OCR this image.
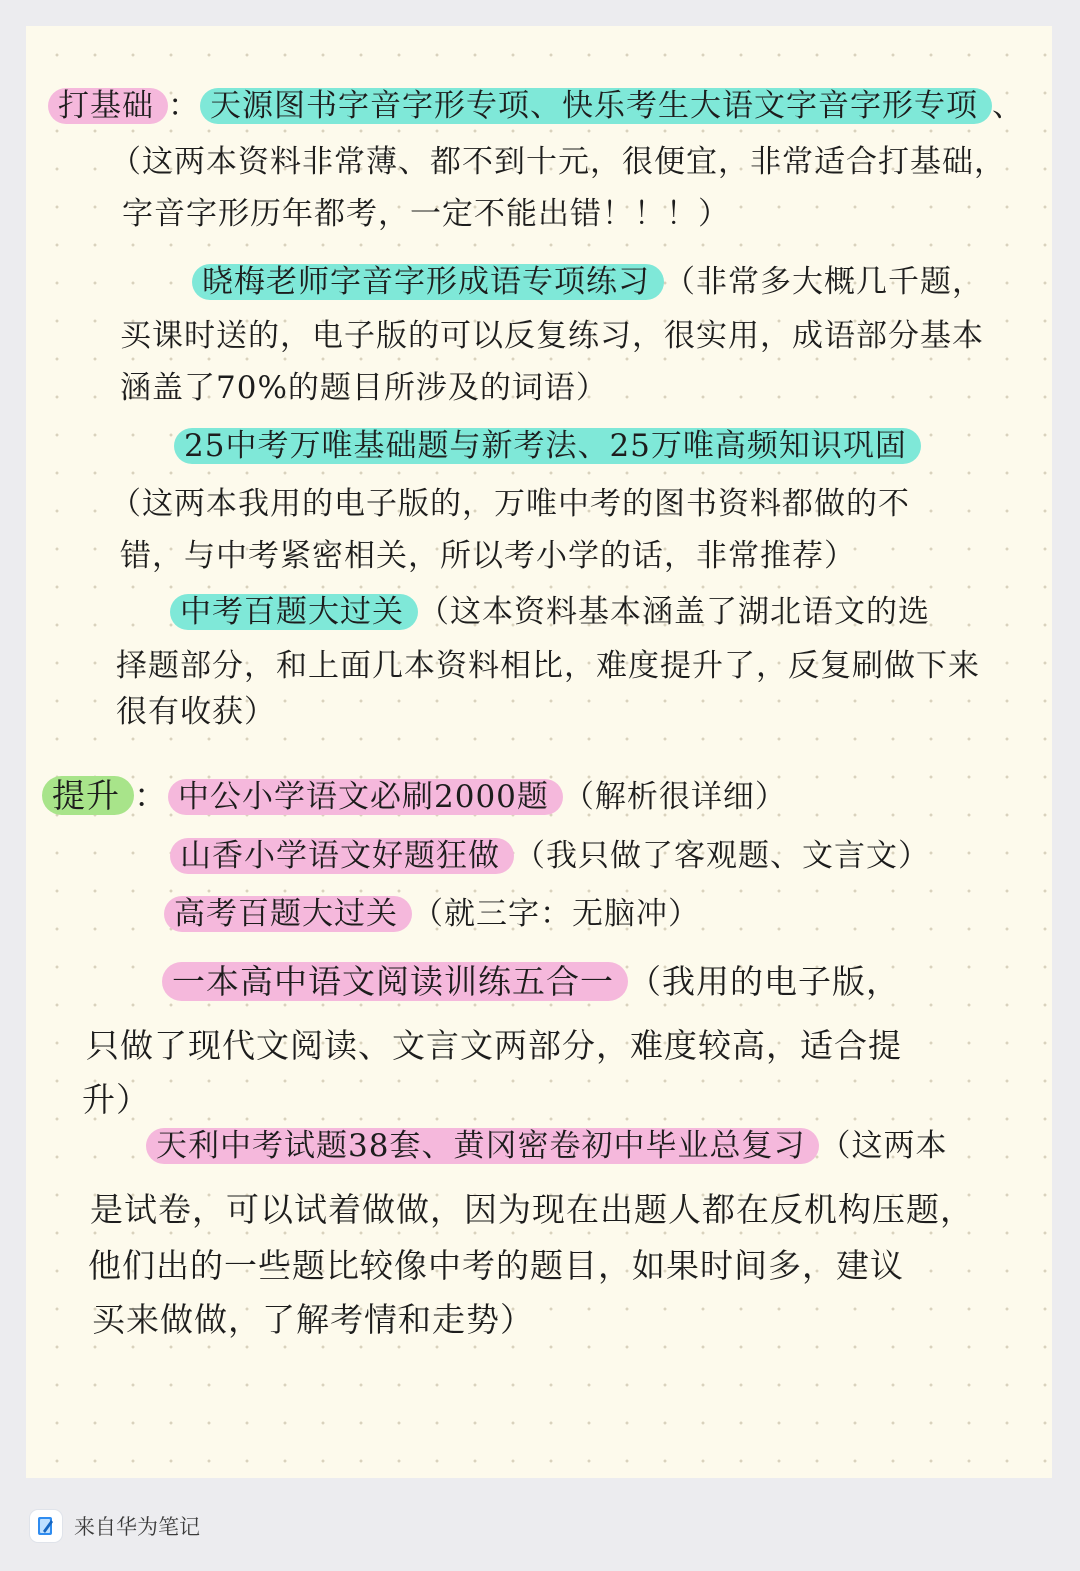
打基础 ： 天源图书字音字形专项、快乐考生大语文字音字形专项 、
（这两本资料非常薄、都不到十元，很便宜，非常适合打基础，
字音字形历年都考，一定不能出错！！！）
晓梅老师字音字形成语专项练习 （非常多大概几千题，
买课时送的，电子版的可以反复练习，很实用，成语部分基本
涵盖了70%的题目所涉及的词语）
25中考万唯基础题与新考法、25万唯高频知识巩固
（这两本我用的电子版的，万唯中考的图书资料都做的不
错，与中考紧密相关，所以考小学的话，非常推荐）
中考百题大过关 （这本资料基本涵盖了湖北语文的选
择题部分，和上面几本资料相比，难度提升了，反复刷做下来
很有收获）
提升 ： 中公小学语文必刷2000题 （解析很详细）
山香小学语文好题狂做 （我只做了客观题、文言文）
高考百题大过关 （就三字：无脑冲）
一本高中语文阅读训练五合一 （我用的电子版，
只做了现代文阅读、文言文两部分，难度较高，适合提
升）
天利中考试题38套、黄冈密卷初中毕业总复习 （这两本
是试卷，可以试着做做，因为现在出题人都在反机构压题，
他们出的一些题比较像中考的题目，如果时间多，建议
买来做做，了解考情和走势）
来自华为笔记
